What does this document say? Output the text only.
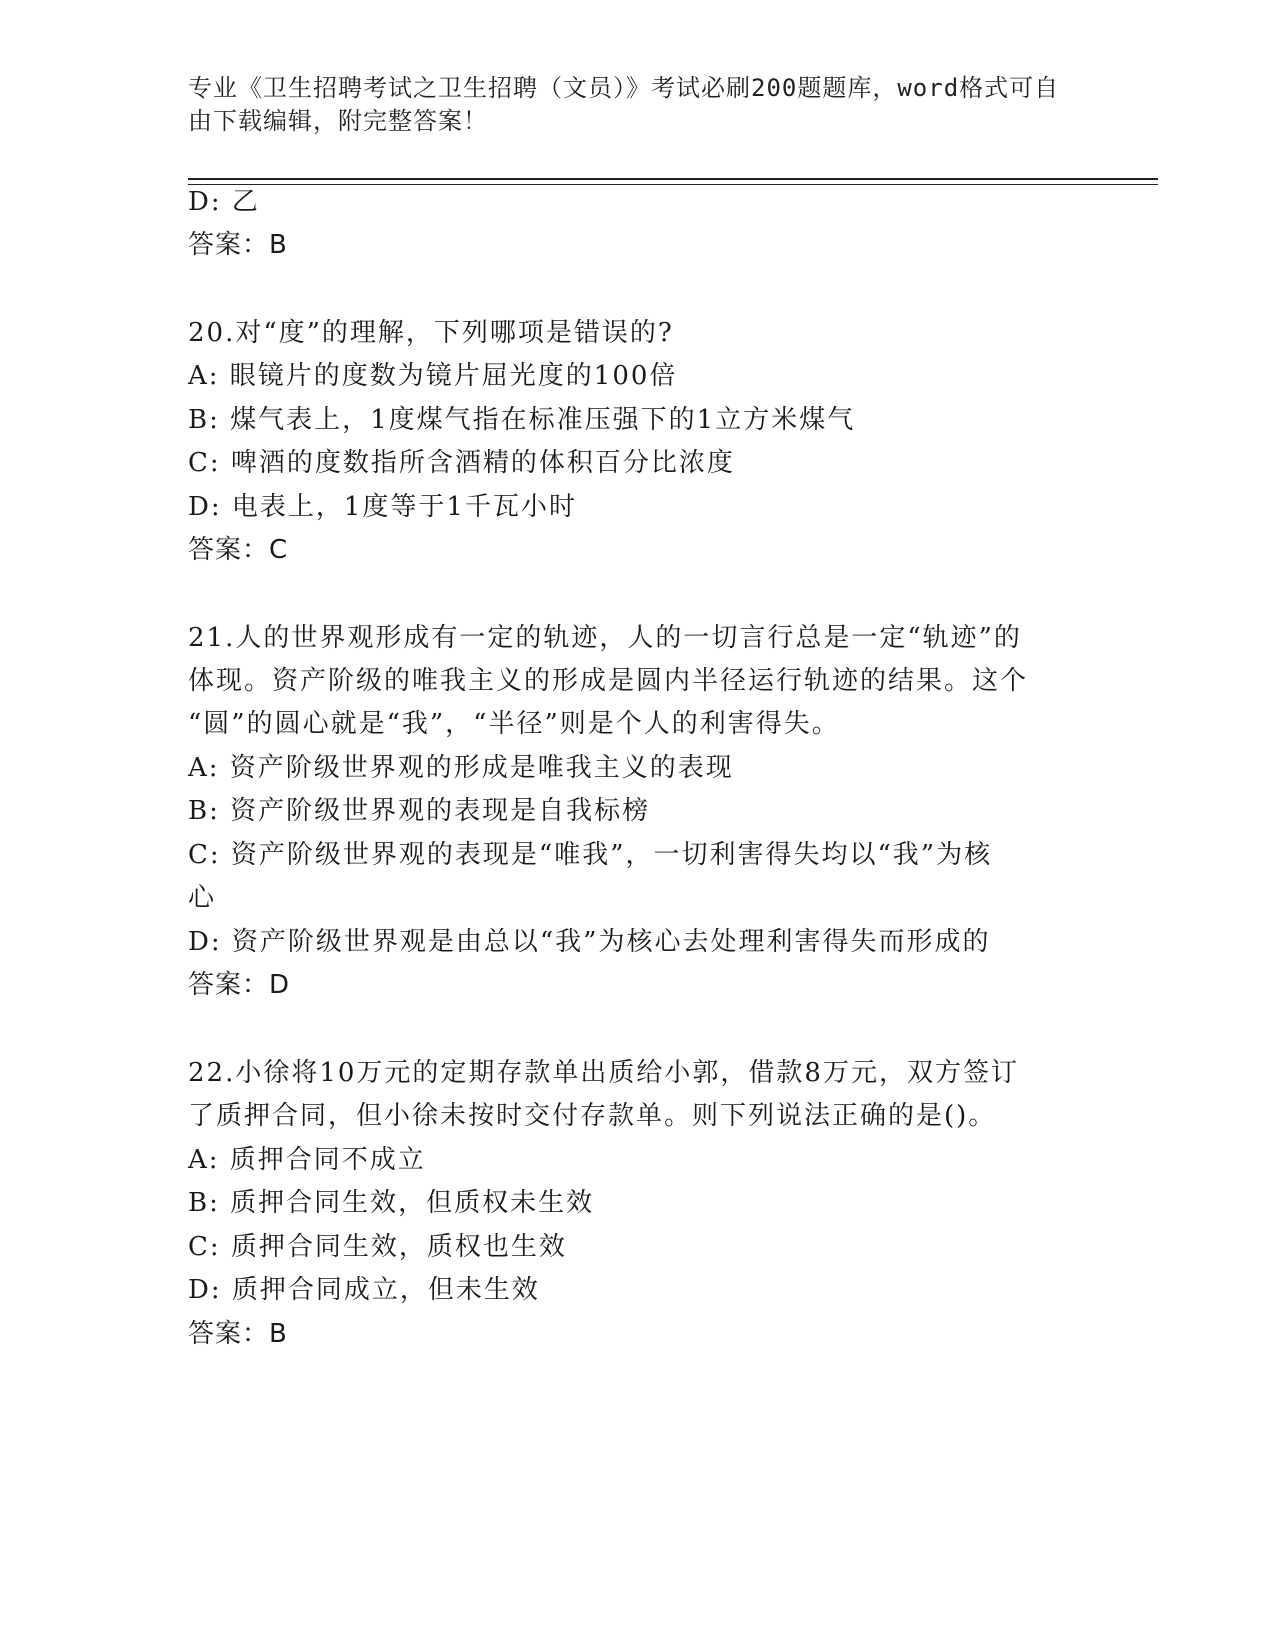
专业《卫生招聘考试之卫生招聘（文员）》考试必刷200题题库，word格式可自
由下载编辑，附完整答案！
D: 乙
答案：B
20.对“度”的理解，下列哪项是错误的?
A: 眼镜片的度数为镜片屈光度的100倍
B: 煤气表上，1度煤气指在标准压强下的1立方米煤气
C: 啤酒的度数指所含酒精的体积百分比浓度
D: 电表上，1度等于1千瓦小时
答案：C
21.人的世界观形成有一定的轨迹，人的一切言行总是一定“轨迹”的
体现。资产阶级的唯我主义的形成是圆内半径运行轨迹的结果。这个
“圆”的圆心就是“我”，“半径”则是个人的利害得失。
A: 资产阶级世界观的形成是唯我主义的表现
B: 资产阶级世界观的表现是自我标榜
C: 资产阶级世界观的表现是“唯我”，一切利害得失均以“我”为核
心
D: 资产阶级世界观是由总以“我”为核心去处理利害得失而形成的
答案：D
22.小徐将10万元的定期存款单出质给小郭，借款8万元，双方签订
了质押合同，但小徐未按时交付存款单。则下列说法正确的是()。
A: 质押合同不成立
B: 质押合同生效，但质权未生效
C: 质押合同生效，质权也生效
D: 质押合同成立，但未生效
答案：B
